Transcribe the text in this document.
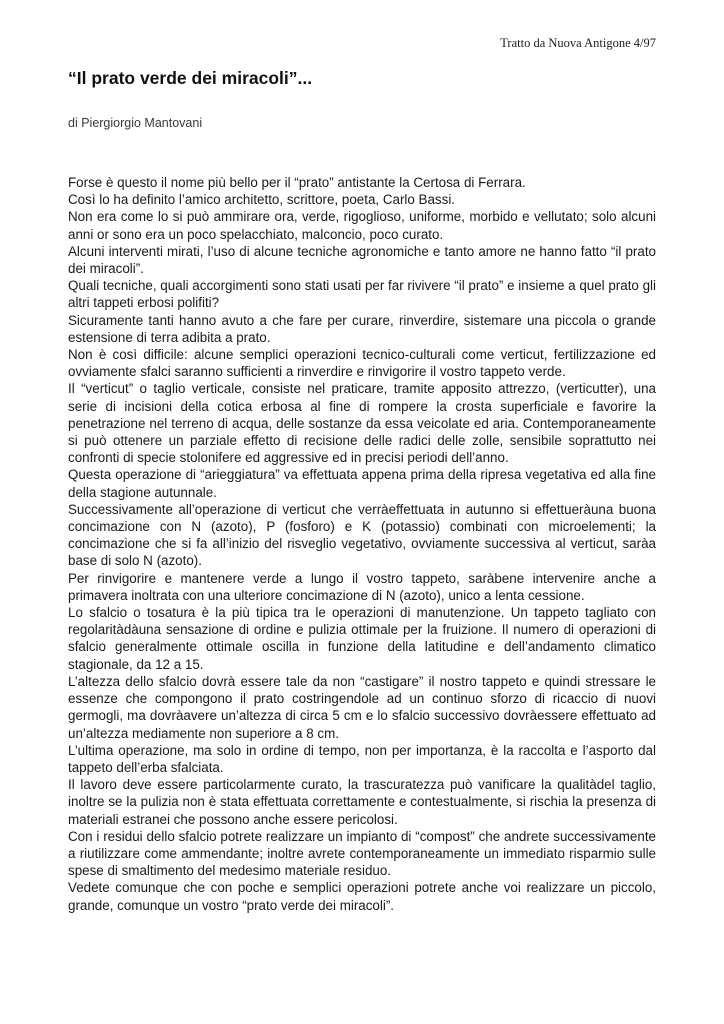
Tratto da Nuova Antigone 4/97
“Il prato verde dei miracoli”...
di Piergiorgio Mantovani

Forse è questo il nome più bello per il “prato” antistante la Certosa di Ferrara.

Così lo ha definito l’amico architetto, scrittore, poeta, Carlo Bassi.

Non era come lo si può ammirare ora, verde, rigoglioso, uniforme, morbido e vellutato; solo alcuni anni or sono era un poco spelacchiato, malconcio, poco curato.

Alcuni interventi mirati, l’uso di alcune tecniche agronomiche e tanto amore ne hanno fatto “il prato dei miracoli”.

Quali tecniche, quali accorgimenti sono stati usati per far rivivere “il prato” e insieme a quel prato gli altri tappeti erbosi polifiti?

Sicuramente tanti hanno avuto a che fare per curare, rinverdire, sistemare una piccola o grande estensione di terra adibita a prato.

Non è così difficile: alcune semplici operazioni tecnico-culturali come verticut, fertilizzazione ed ovviamente sfalci saranno sufficienti a rinverdire e rinvigorire il vostro tappeto verde.

Il “verticut” o taglio verticale, consiste nel praticare, tramite apposito attrezzo, (verticutter), una serie di incisioni della cotica erbosa al fine di rompere la crosta superficiale e favorire la penetrazione nel terreno di acqua, delle sostanze da essa veicolate ed aria. Contemporaneamente si può ottenere un parziale effetto di recisione delle radici delle zolle, sensibile soprattutto nei confronti di specie stolonifere ed aggressive ed in precisi periodi dell’anno.

Questa operazione di “arieggiatura” va effettuata appena prima della ripresa vegetativa ed alla fine della stagione autunnale.

Successivamente all’operazione di verticut che verràeffettuata in autunno si effettueràuna buona concimazione con N (azoto), P (fosforo) e K (potassio) combinati con microelementi; la concimazione che si fa all’inizio del risveglio vegetativo, ovviamente successiva al verticut, saràa base di solo N (azoto).

Per rinvigorire e mantenere verde a lungo il vostro tappeto, saràbene intervenire anche a primavera inoltrata con una ulteriore concimazione di N (azoto), unico a lenta cessione.

Lo sfalcio o tosatura è la più tipica tra le operazioni di manutenzione. Un tappeto tagliato con regolaritàdàuna sensazione di ordine e pulizia ottimale per la fruizione. Il numero di operazioni di sfalcio generalmente ottimale oscilla in funzione della latitudine e dell’andamento climatico stagionale, da 12 a 15.

L’altezza dello sfalcio dovrà essere tale da non “castigare” il nostro tappeto e quindi stressare le essenze che compongono il prato costringendole ad un continuo sforzo di ricaccio di nuovi germogli, ma dovràavere un’altezza di circa 5 cm e lo sfalcio successivo dovràessere effettuato ad un’altezza mediamente non superiore a 8 cm.

L’ultima operazione, ma solo in ordine di tempo, non per importanza, è la raccolta e l’asporto dal tappeto dell’erba sfalciata.

Il lavoro deve essere particolarmente curato, la trascuratezza può vanificare la qualitàdel taglio, inoltre se la pulizia non è stata effettuata correttamente e contestualmente, si rischia la presenza di materiali estranei che possono anche essere pericolosi.

Con i residui dello sfalcio potrete realizzare un impianto di “compost” che andrete successivamente a riutilizzare come ammendante; inoltre avrete contemporaneamente un immediato risparmio sulle spese di smaltimento del medesimo materiale residuo.

Vedete comunque che con poche e semplici operazioni potrete anche voi realizzare un piccolo, grande, comunque un vostro “prato verde dei miracoli”.
